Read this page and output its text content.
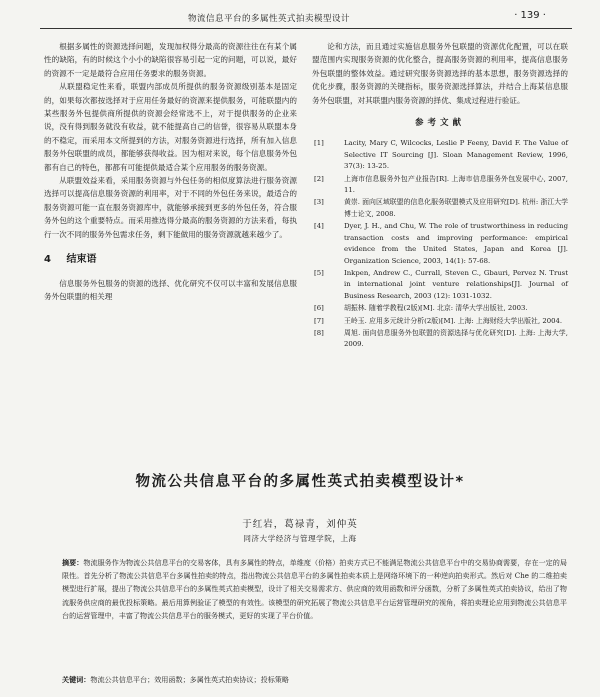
物流信息平台的多属性英式拍卖模型设计	· 139 ·

根据多属性的资源选择问题，发现加权得分最高的资源往往在有某个属性的缺陷，有的时候这个小小的缺陷很容易引起一定的问题，可以说，最好的资源不一定是最符合应用任务要求的服务资源。

从联盟稳定性来看，联盟内部成员所提供的服务资源级别基本是固定的，如果每次都按选择对于应用任务最好的资源来提供服务，可能联盟内的某些服务外包提供商所提供的资源会经常选不上，对于提供服务的企业来说，没有得到服务就没有收益，就不能提高自己的信誉，很容易从联盟本身的不稳定，而采用本文所提到的方法，对服务资源进行选择，所有加入信息服务外包联盟的成员，都能够获得收益。因为相对来说，每个信息服务外包都有自己的特色，都都有可能提供最适合某个应用服务的服务资源。

从联盟效益来看，采用服务资源与外包任务的相似度算法进行服务资源选择可以提高信息服务资源的利用率，对于不同的外包任务来说，最适合的服务资源可能一直在服务资源库中，就能够承接到更多的外包任务，符合服务外包的这个重要特点。而采用推选得分最高的服务资源的方法来看，每执行一次不同的服务外包需求任务，剩下能做用的服务资源就越来越少了。

4 结束语

信息服务外包服务的资源的选择、优化研究不仅可以丰富和发展信息服务外包联盟的相关理

论和方法，而且通过实施信息服务外包联盟的资源优化配置，可以在联盟范围内实现服务资源的优化整合，提高服务资源的利用率，提高信息服务外包联盟的整体效益。通过研究服务资源选择的基本思想，服务资源选择的优化步骤，服务资源的关键指标，服务资源选择算法，并结合上海某信息服务外包联盟，对其联盟内服务资源的择优、集成过程进行验证。

参考文献
[1]	Lacity, Mary C, Wilcocks, Leslie P Feeny, David F. The Value of Selective IT Sourcing [J]. Sloan Management Review, 1996, 37(3): 13-25.
[2]	上海市信息服务外包产业报告[R]. 上海市信息服务外包发展中心, 2007, 11.
[3]	黄崇. 面向区域联盟的信息化服务联盟模式及应用研究[D]. 杭州: 浙江大学博士论文, 2008.
[4]	Dyer, J. H., and Chu, W. The role of trustworthiness in reducing transaction costs and improving performance: empirical evidence from the United States, Japan and Korea [J]. Organization Science, 2003, 14(1): 57-68.
[5]	Inkpen, Andrew C., Currall, Steven C., Gbauri, Pervez N. Trust in international joint venture relationships[J]. Journal of Business Research, 2003 (12): 1031-1032.
[6]	胡振林. 随着学教程(2版)[M]. 北京: 清华大学出版社, 2003.
[7]	王岭玉. 应用多元统计分析(2版)[M]. 上海: 上海财经大学出版社, 2004.
[8]	周旭. 面向信息服务外包联盟的资源选择与优化研究[D]. 上海: 上海大学, 2009.
物流公共信息平台的多属性英式拍卖模型设计*
于红岩，葛禄青，刘仲英
同济大学经济与管理学院，上海
摘要：物流服务作为物流公共信息平台的交易客体，具有多属性的特点，单维度（价格）拍卖方式已不能满足物流公共信息平台中的交易协商需要，存在一定的局限性。首先分析了物流公共信息平台多属性拍卖的特点，指出物流公共信息平台的多属性拍卖本质上是网络环境下的一种逆向拍卖形式。然后对 Che 的二维拍卖模型进行扩展，提出了物流公共信息平台的多属性英式拍卖模型，设计了相关交易需求方、供应商的效用函数和评分函数，分析了多属性英式拍卖协议，给出了物流服务供应商的最优投标策略。最后用算例验证了模型的有效性。该模型的研究拓展了物流公共信息平台运营管理研究的视角，将拍卖理论应用到物流公共信息平台的运营管理中，丰富了物流公共信息平台的服务模式，更好的实现了平台价值。
关键词：物流公共信息平台；效用函数；多属性英式拍卖协议；投标策略
